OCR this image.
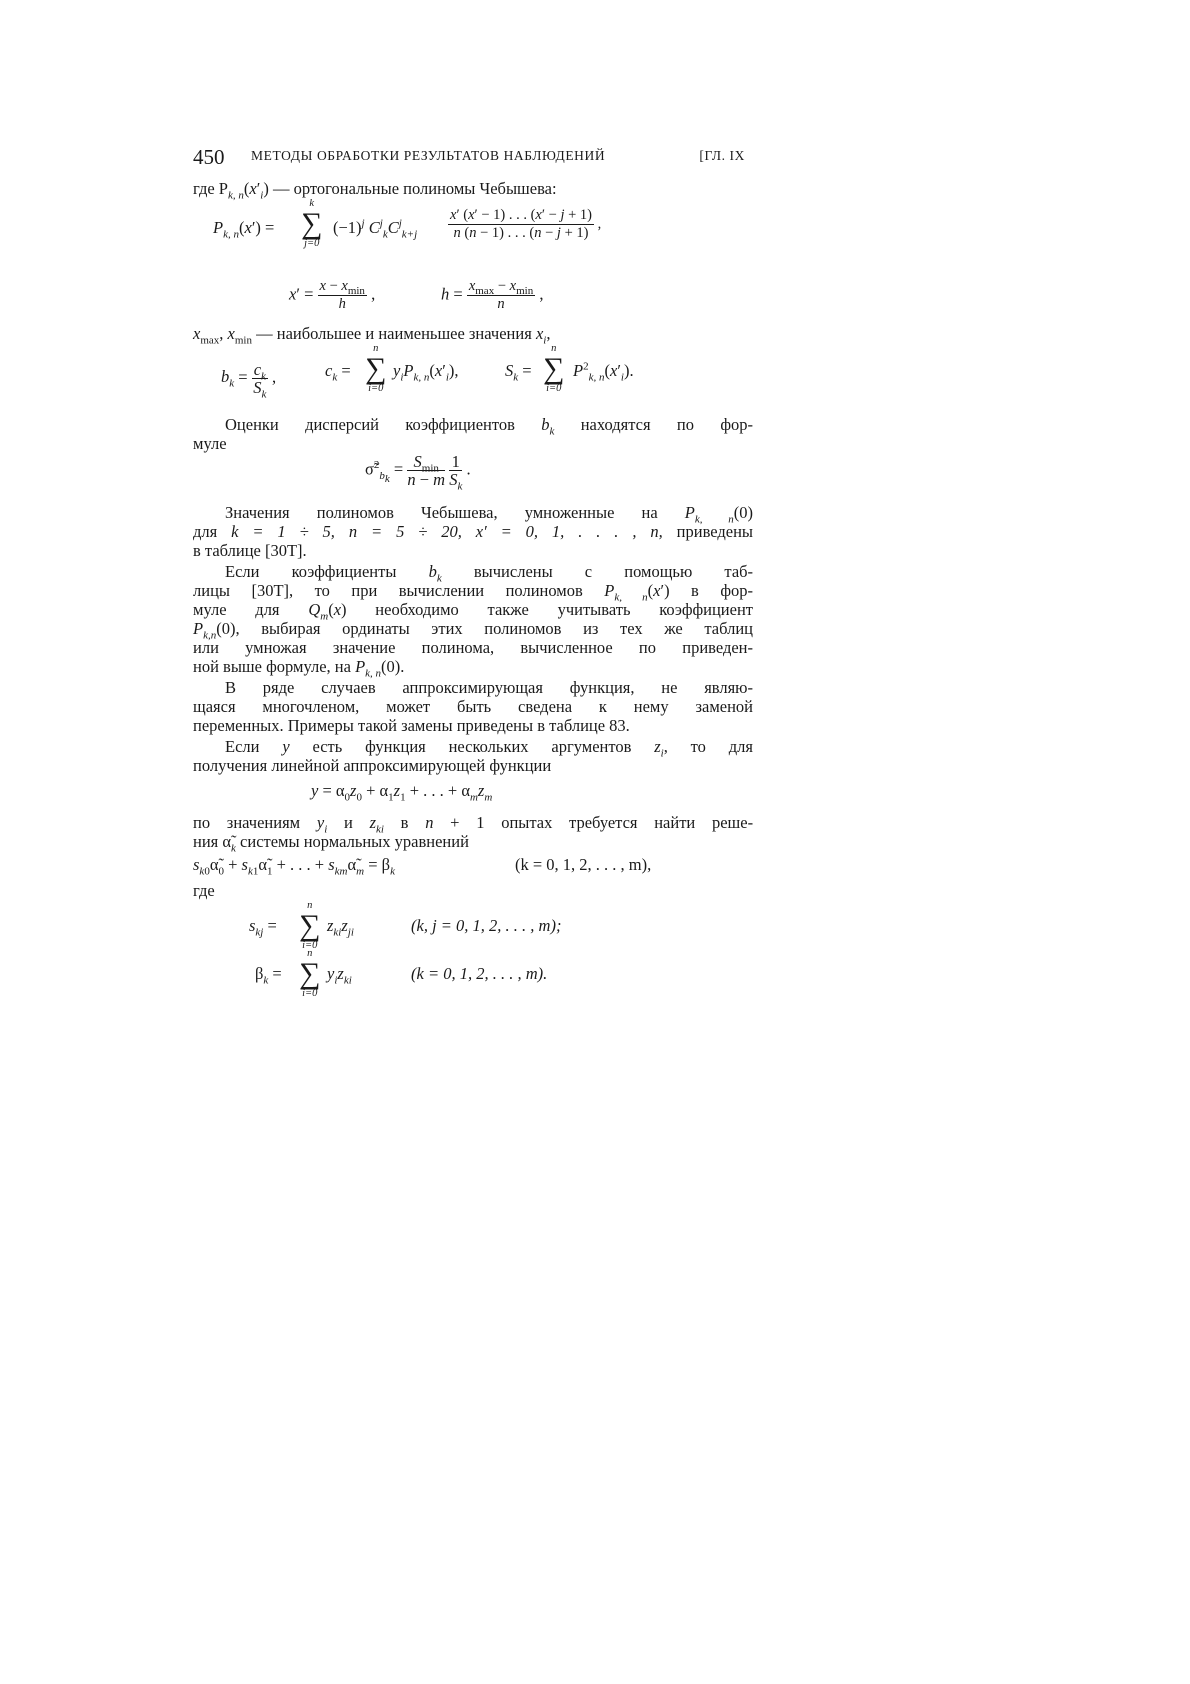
450 МЕТОДЫ ОБРАБОТКИ РЕЗУЛЬТАТОВ НАБЛЮДЕНИЙ	[ГЛ. IX
где $P_{k, n}(x'_i)$ — ортогональные полиномы Чебышева:
$P_{k, n}(x')$ =
k
∑
j=0
$(-1)^j$ $C^j_kC^j_{k+j} \frac{x' (x' - 1) . . . (x' - j + 1)}{n (n - 1) . . . (n - j + 1)}$ ,
$x' = \frac{x - x_{min}}{h}$ ,	$h = \frac{x_{max} - x_{min}}{n}$ ,
$x_{max}$, $x_{min}$ — наибольшее и наименьшее значения $x_i$,
$b_k = \frac{c_k}{S_k}$ ,	$c_k$ =
n
∑
i=0
$y_iP_{k, n}(x'_i)$,	$S_k$ =
n
∑
i=0
$P^2_{k, n}(x'_i)$.
Оценки дисперсий коэффициентов $b_k$ находятся по фор-
муле
σ̃$^2_{b_k}$ = $\frac{S_{min}}{n - m}$
$\frac{1}{S_k}$ .
Значения полиномов Чебышева, умноженные на $P_{k, n}(0)$
для k = 1 ÷ 5, n = 5 ÷ 20, x′ = 0, 1, . . . , n, приведены
в таблице [30Т].
Если коэффициенты $b_k$ вычислены с помощью таб-
лицы [30Т], то при вычислении полиномов $P_{k, n}(x')$ в фор-
муле для $Q_m(x)$ необходимо также учитывать коэффициент
$P_{k,n}(0)$, выбирая ординаты этих полиномов из тех же таблиц
или умножая значение полинома, вычисленное по приведен-
ной выше формуле, на $P_{k, n}(0)$.
В ряде случаев аппроксимирующая функция, не являю-
щаяся многочленом, может быть сведена к нему заменой
переменных. Примеры такой замены приведены в таблице 83.
Если y есть функция нескольких аргументов $z_i$, то для
получения линейной аппроксимирующей функции
$y = \alpha_0z_0 + \alpha_1z_1$ + . . . + $\alpha_mz_m$
по значениям $y_i$ и $z_{ki}$ в n + 1 опытах требуется найти реше-
ния $\alphã_k$ системы нормальных уравнений
$s_{k0}\alphã_0$ + $s_{k1}\alphã_1$ + . . . + $s_{km}\alphã_m = \beta_k$	(k = 0, 1, 2, . . . , m),
где
$s_{kj}$ =
n
∑
i=0
$z_{ki}z_{ji}$	(k, j = 0, 1, 2, . . . , m);
$\beta_k$ =
n
∑
i=0
$y_iz_{ki}$	(k = 0, 1, 2, . . . , m).
